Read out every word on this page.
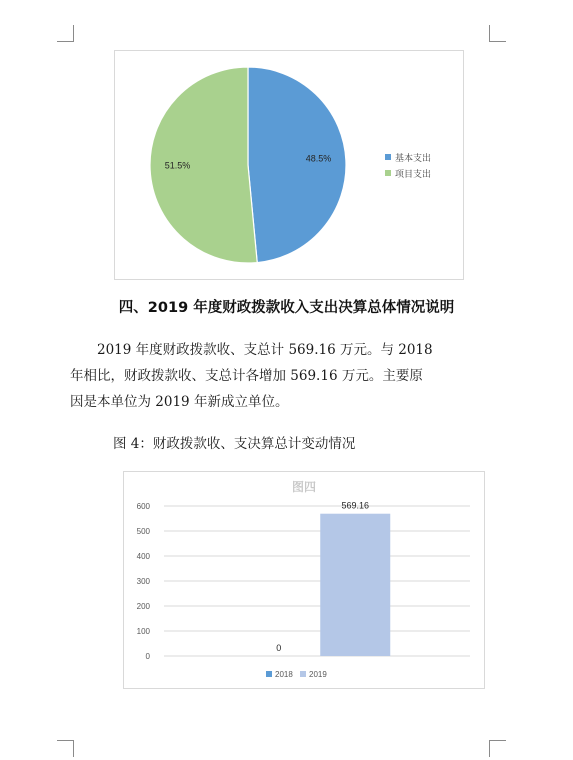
48.5%
51.5%
基本支出
项目支出
四、2019 年度财政拨款收入支出决算总体情况说明
2019 年度财政拨款收、支总计 569.16 万元。与 2018
年相比，财政拨款收、支总计各增加 569.16 万元。主要原
因是本单位为 2019 年新成立单位。
图 4：财政拨款收、支决算总计变动情况
图四
0
100
200
300
400
500
600
0
569.16
2018 2019
